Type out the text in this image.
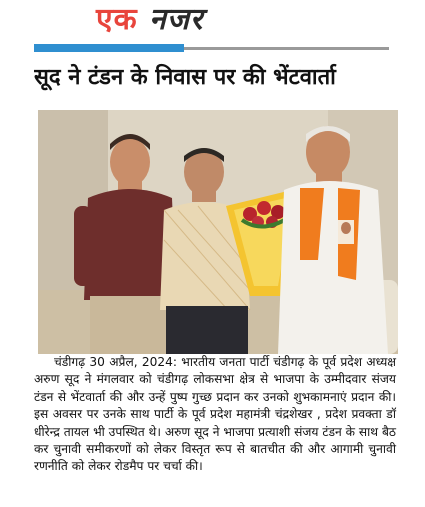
एक नजर
सूद ने टंडन के निवास पर की भेंटवार्ता
चंडीगढ़ 30 अप्रैल, 2024: भारतीय जनता पार्टी चंडीगढ़ के पूर्व प्रदेश अध्यक्ष अरुण सूद ने मंगलवार को चंडीगढ़ लोकसभा क्षेत्र से भाजपा के उम्मीदवार संजय टंडन से भेंटवार्ता की और उन्हें पुष्प गुच्छ प्रदान कर उनको शुभकामनाएं प्रदान की। इस अवसर पर उनके साथ पार्टी के पूर्व प्रदेश महामंत्री चंद्रशेखर , प्रदेश प्रवक्ता डॉ धीरेन्द्र तायल भी उपस्थित थे। अरुण सूद ने भाजपा प्रत्याशी संजय टंडन के साथ बैठ कर चुनावी समीकरणों को लेकर विस्तृत रूप से बातचीत की और आगामी चुनावी रणनीति को लेकर रोडमैप पर चर्चा की।
